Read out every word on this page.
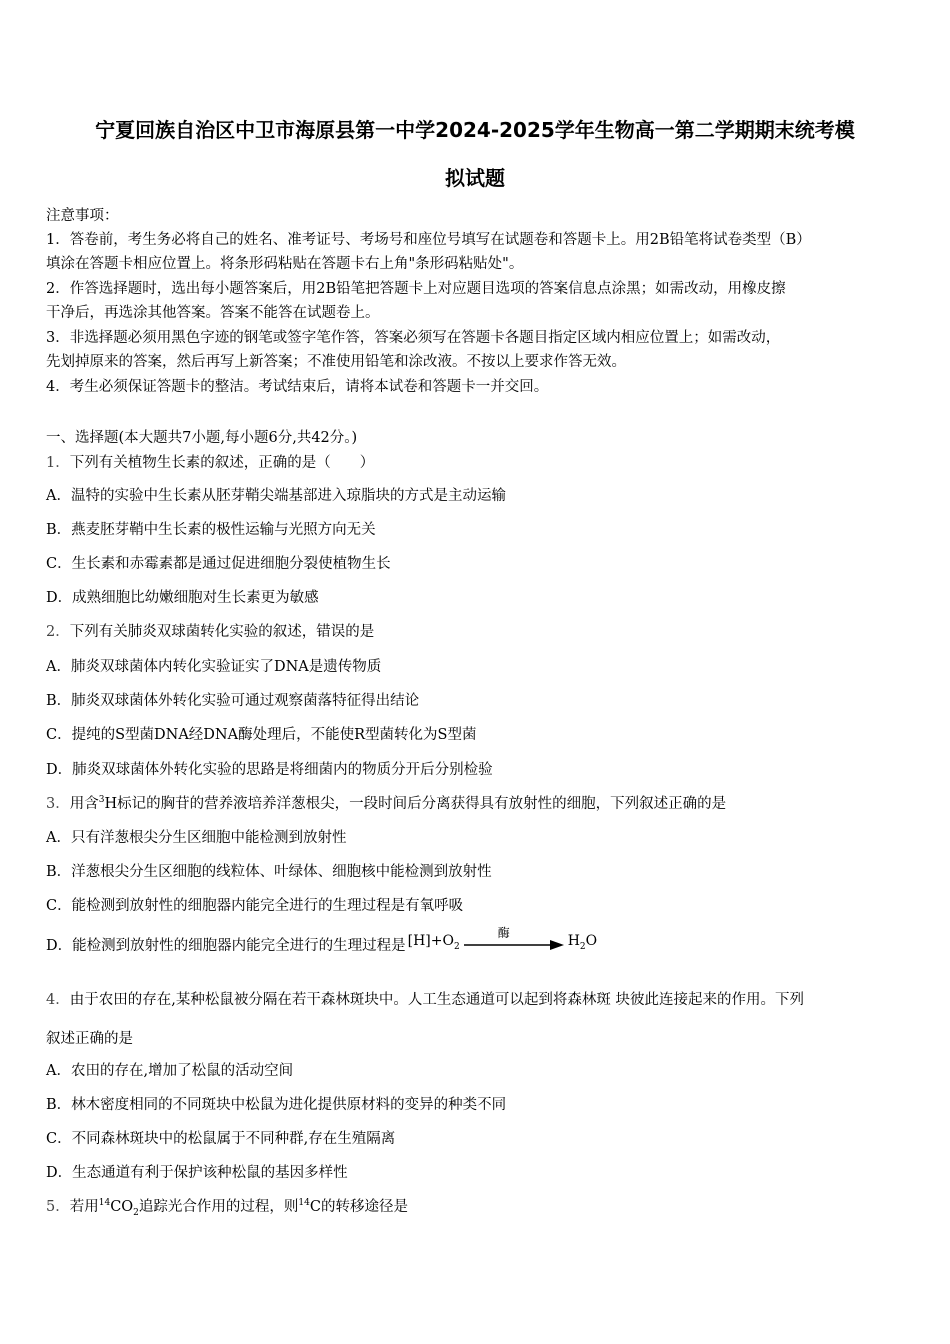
宁夏回族自治区中卫市海原县第一中学2024-2025学年生物高一第二学期期末统考模
拟试题
注意事项：
1．答卷前，考生务必将自己的姓名、准考证号、考场号和座位号填写在试题卷和答题卡上。用2B铅笔将试卷类型（B）
填涂在答题卡相应位置上。将条形码粘贴在答题卡右上角"条形码粘贴处"。
2．作答选择题时，选出每小题答案后，用2B铅笔把答题卡上对应题目选项的答案信息点涂黑；如需改动，用橡皮擦
干净后，再选涂其他答案。答案不能答在试题卷上。
3．非选择题必须用黑色字迹的钢笔或签字笔作答，答案必须写在答题卡各题目指定区域内相应位置上；如需改动，
先划掉原来的答案，然后再写上新答案；不准使用铅笔和涂改液。不按以上要求作答无效。
4．考生必须保证答题卡的整洁。考试结束后，请将本试卷和答题卡一并交回。
一、选择题(本大题共7小题,每小题6分,共42分。)
1．下列有关植物生长素的叙述，正确的是（　　）
A．温特的实验中生长素从胚芽鞘尖端基部进入琼脂块的方式是主动运输
B．燕麦胚芽鞘中生长素的极性运输与光照方向无关
C．生长素和赤霉素都是通过促进细胞分裂使植物生长
D．成熟细胞比幼嫩细胞对生长素更为敏感
2．下列有关肺炎双球菌转化实验的叙述，错误的是
A．肺炎双球菌体内转化实验证实了DNA是遗传物质
B．肺炎双球菌体外转化实验可通过观察菌落特征得出结论
C．提纯的S型菌DNA经DNA酶处理后，不能使R型菌转化为S型菌
D．肺炎双球菌体外转化实验的思路是将细菌内的物质分开后分别检验
3．用含$^3$H标记的胸苷的营养液培养洋葱根尖，一段时间后分离获得具有放射性的细胞，下列叙述正确的是
A．只有洋葱根尖分生区细胞中能检测到放射性
B．洋葱根尖分生区细胞的线粒体、叶绿体、细胞核中能检测到放射性
C．能检测到放射性的细胞器内能完全进行的生理过程是有氧呼吸
D．能检测到放射性的细胞器内能完全进行的生理过程是 $[H]+O_2$
酶	$H_2O$
4．由于农田的存在,某种松鼠被分隔在若干森林斑块中。人工生态通道可以起到将森林斑 块彼此连接起来的作用。下列
叙述正确的是
A．农田的存在,增加了松鼠的活动空间
B．林木密度相同的不同斑块中松鼠为进化提供原材料的变异的种类不同
C．不同森林斑块中的松鼠属于不同种群,存在生殖隔离
D．生态通道有利于保护该种松鼠的基因多样性
5．若用$^{14}CO_2$追踪光合作用的过程，则$^{14}$C的转移途径是
